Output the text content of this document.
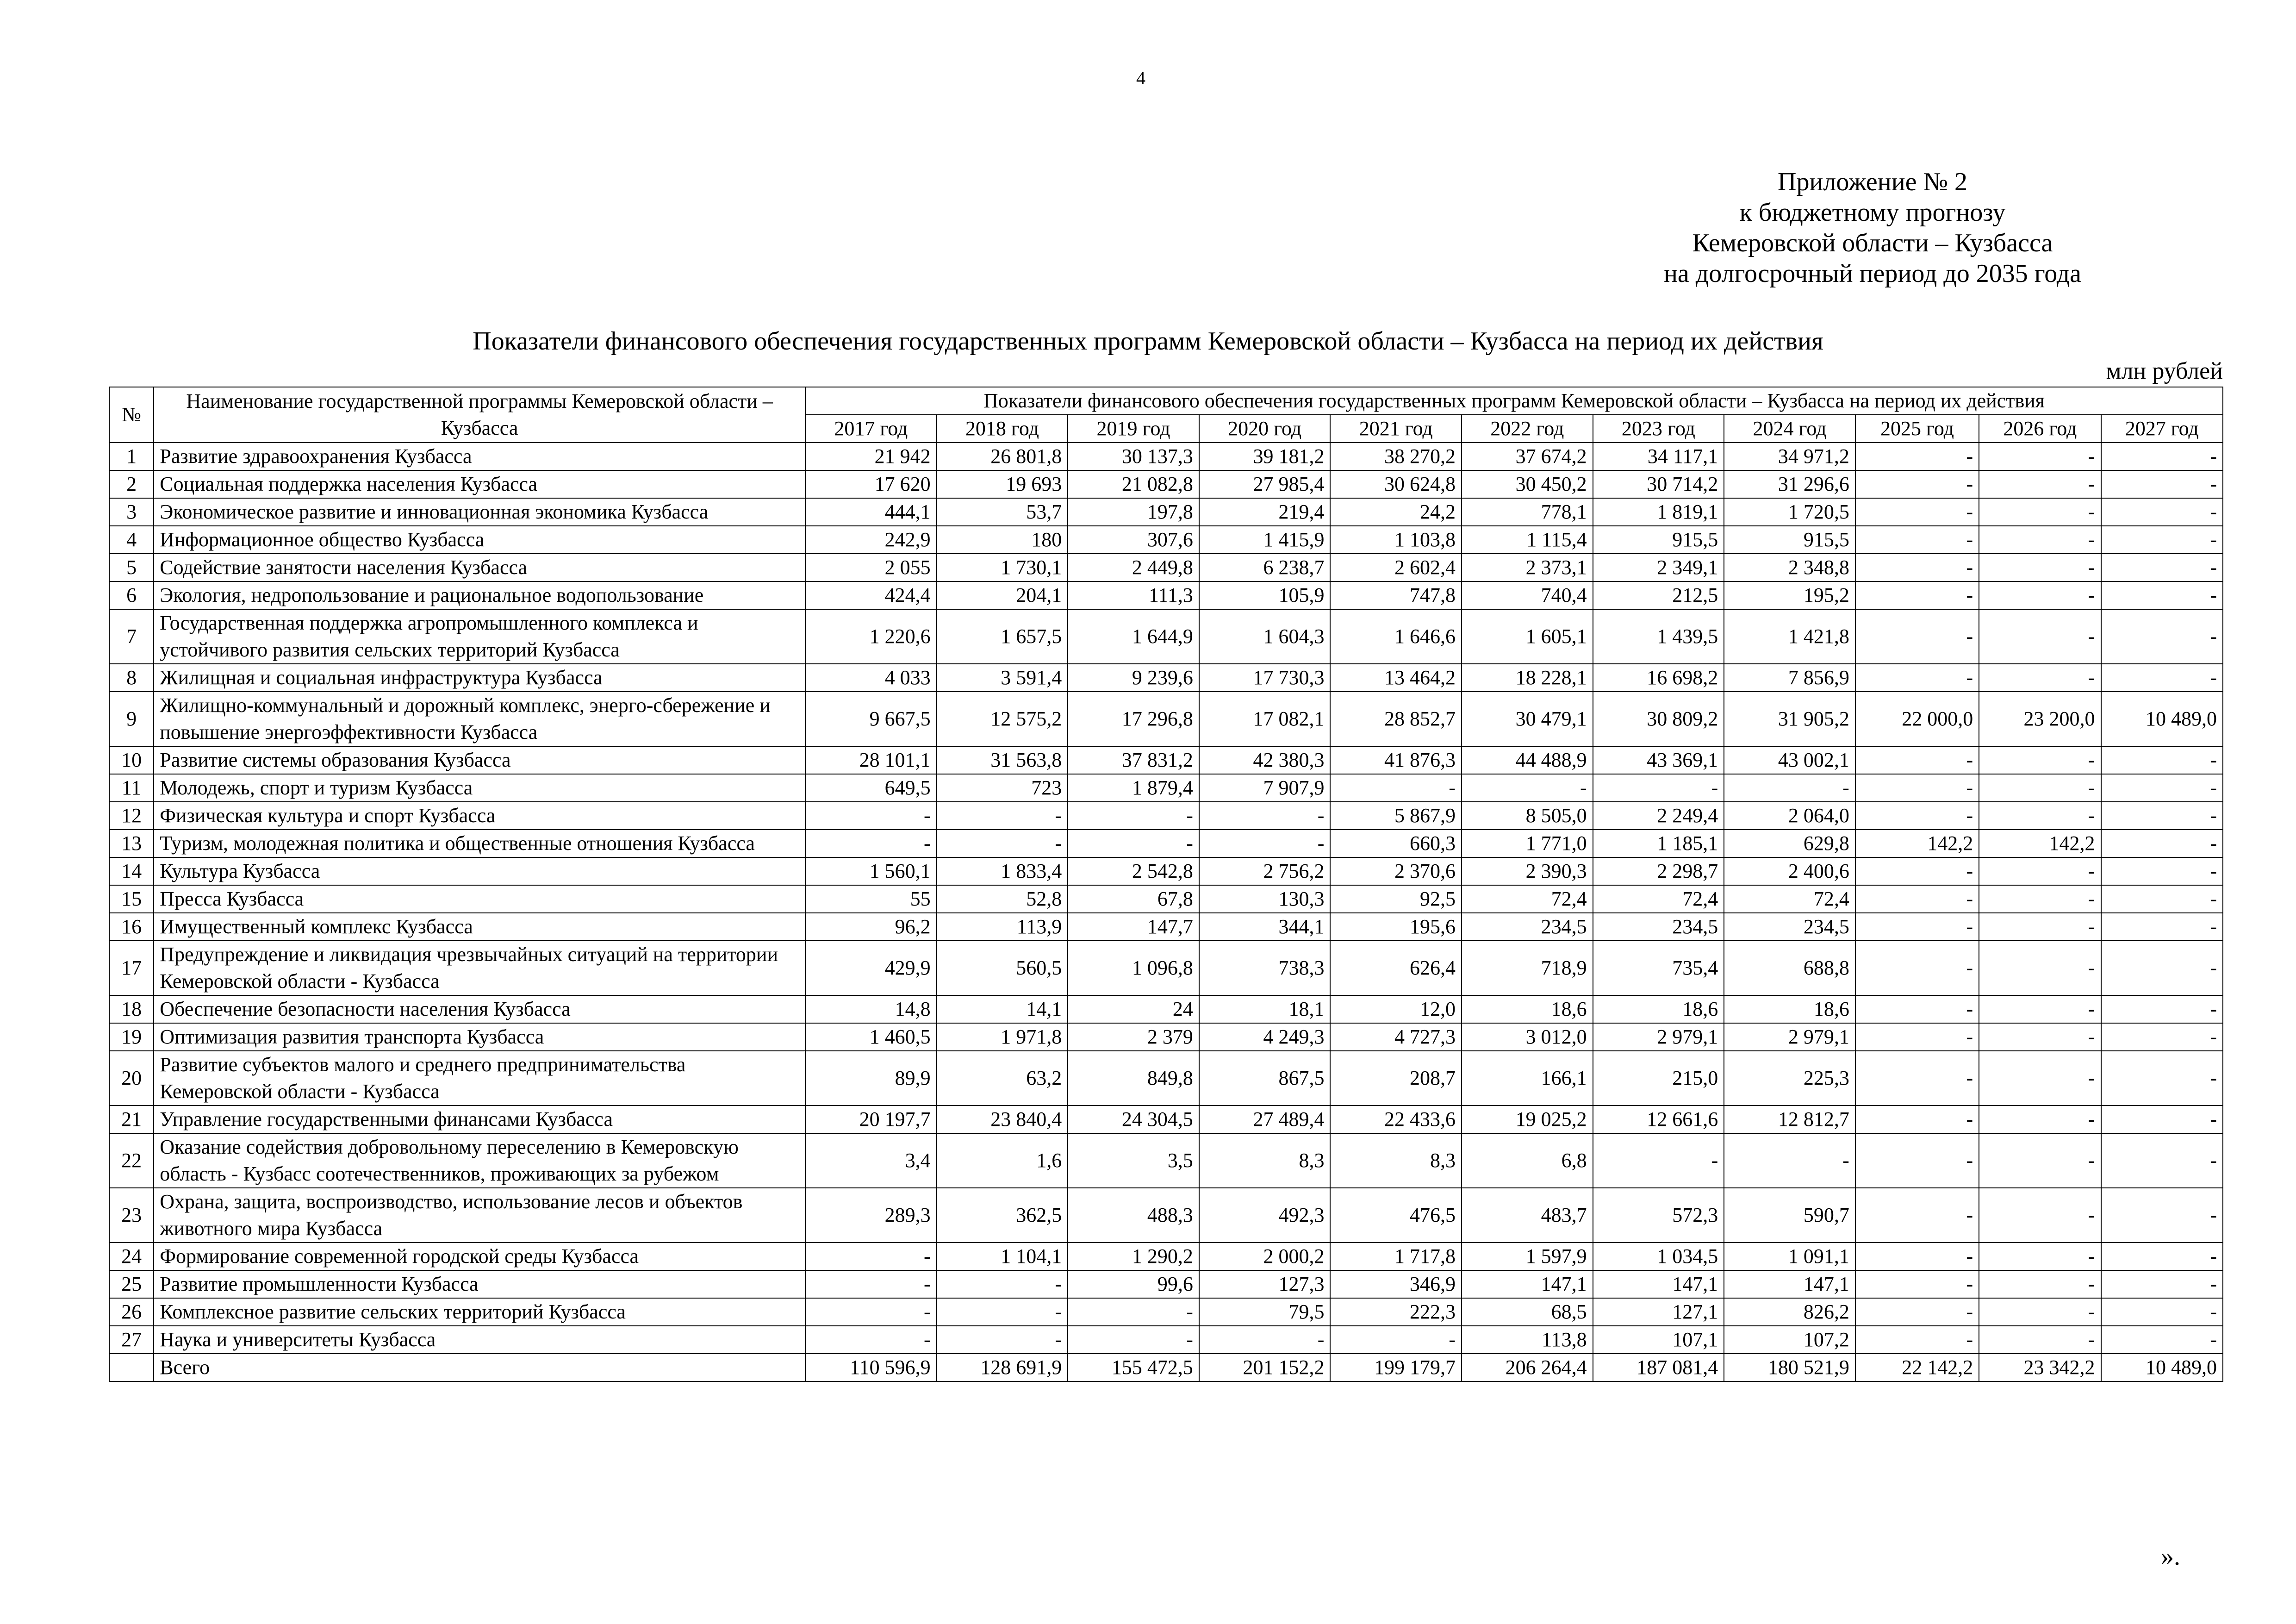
4
Приложение № 2
к бюджетному прогнозу
Кемеровской области – Кузбасса
на долгосрочный период до 2035 года
Показатели финансового обеспечения государственных программ Кемеровской области – Кузбасса на период их действия
млн рублей
№	Наименование государственной программы Кемеровской области – Кузбасса	Показатели финансового обеспечения государственных программ Кемеровской области – Кузбасса на период их действия										
		2017 год	2018 год	2019 год	2020 год	2021 год	2022 год	2023 год	2024 год	2025 год	2026 год	2027 год
1	Развитие здравоохранения Кузбасса	21 942	26 801,8	30 137,3	39 181,2	38 270,2	37 674,2	34 117,1	34 971,2	-	-	-
2	Социальная поддержка населения Кузбасса	17 620	19 693	21 082,8	27 985,4	30 624,8	30 450,2	30 714,2	31 296,6	-	-	-
3	Экономическое развитие и инновационная экономика Кузбасса	444,1	53,7	197,8	219,4	24,2	778,1	1 819,1	1 720,5	-	-	-
4	Информационное общество Кузбасса	242,9	180	307,6	1 415,9	1 103,8	1 115,4	915,5	915,5	-	-	-
5	Содействие занятости населения Кузбасса	2 055	1 730,1	2 449,8	6 238,7	2 602,4	2 373,1	2 349,1	2 348,8	-	-	-
6	Экология, недропользование и рациональное водопользование	424,4	204,1	111,3	105,9	747,8	740,4	212,5	195,2	-	-	-
7	Государственная поддержка агропромышленного комплекса и устойчивого развития сельских территорий Кузбасса	1 220,6	1 657,5	1 644,9	1 604,3	1 646,6	1 605,1	1 439,5	1 421,8	-	-	-
8	Жилищная и социальная инфраструктура Кузбасса	4 033	3 591,4	9 239,6	17 730,3	13 464,2	18 228,1	16 698,2	7 856,9	-	-	-
9	Жилищно-коммунальный и дорожный комплекс, энерго-сбережение и повышение энергоэффективности Кузбасса	9 667,5	12 575,2	17 296,8	17 082,1	28 852,7	30 479,1	30 809,2	31 905,2	22 000,0	23 200,0	10 489,0
10	Развитие системы образования Кузбасса	28 101,1	31 563,8	37 831,2	42 380,3	41 876,3	44 488,9	43 369,1	43 002,1	-	-	-
11	Молодежь, спорт и туризм Кузбасса	649,5	723	1 879,4	7 907,9	-	-	-	-	-	-	-
12	Физическая культура и спорт Кузбасса	-	-	-	-	5 867,9	8 505,0	2 249,4	2 064,0	-	-	-
13	Туризм, молодежная политика и общественные отношения Кузбасса	-	-	-	-	660,3	1 771,0	1 185,1	629,8	142,2	142,2	-
14	Культура Кузбасса	1 560,1	1 833,4	2 542,8	2 756,2	2 370,6	2 390,3	2 298,7	2 400,6	-	-	-
15	Пресса Кузбасса	55	52,8	67,8	130,3	92,5	72,4	72,4	72,4	-	-	-
16	Имущественный комплекс Кузбасса	96,2	113,9	147,7	344,1	195,6	234,5	234,5	234,5	-	-	-
17	Предупреждение и ликвидация чрезвычайных ситуаций на территории Кемеровской области - Кузбасса	429,9	560,5	1 096,8	738,3	626,4	718,9	735,4	688,8	-	-	-
18	Обеспечение безопасности населения Кузбасса	14,8	14,1	24	18,1	12,0	18,6	18,6	18,6	-	-	-
19	Оптимизация развития транспорта Кузбасса	1 460,5	1 971,8	2 379	4 249,3	4 727,3	3 012,0	2 979,1	2 979,1	-	-	-
20	Развитие субъектов малого и среднего предпринимательства Кемеровской области - Кузбасса	89,9	63,2	849,8	867,5	208,7	166,1	215,0	225,3	-	-	-
21	Управление государственными финансами Кузбасса	20 197,7	23 840,4	24 304,5	27 489,4	22 433,6	19 025,2	12 661,6	12 812,7	-	-	-
22	Оказание содействия добровольному переселению в Кемеровскую область - Кузбасс соотечественников, проживающих за рубежом	3,4	1,6	3,5	8,3	8,3	6,8	-	-	-	-	-
23	Охрана, защита, воспроизводство, использование лесов и объектов животного мира Кузбасса	289,3	362,5	488,3	492,3	476,5	483,7	572,3	590,7	-	-	-
24	Формирование современной городской среды Кузбасса	-	1 104,1	1 290,2	2 000,2	1 717,8	1 597,9	1 034,5	1 091,1	-	-	-
25	Развитие промышленности Кузбасса	-	-	99,6	127,3	346,9	147,1	147,1	147,1	-	-	-
26	Комплексное развитие сельских территорий Кузбасса	-	-	-	79,5	222,3	68,5	127,1	826,2	-	-	-
27	Наука и университеты Кузбасса	-	-	-	-	-	113,8	107,1	107,2	-	-	-
	Всего	110 596,9	128 691,9	155 472,5	201 152,2	199 179,7	206 264,4	187 081,4	180 521,9	22 142,2	23 342,2	10 489,0
».
